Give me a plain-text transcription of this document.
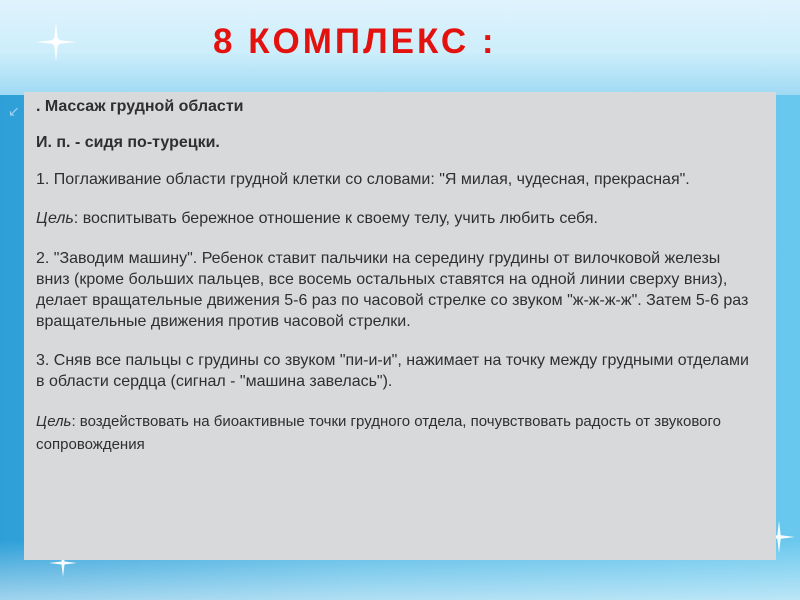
8 КОМПЛЕКС :
↙ . Массаж грудной области

И. п. - сидя по-турецки.

1. Поглаживание области грудной клетки со словами: "Я милая, чудесная, прекрасная".

Цель: воспитывать бережное отношение к своему телу, учить любить себя.

2. "Заводим машину". Ребенок ставит пальчики на середину грудины от вилочковой железы вниз (кроме больших пальцев, все восемь остальных ставятся на одной линии сверху вниз), делает вращательные движения 5-6 раз по часовой стрелке со звуком "ж-ж-ж-ж". Затем 5-6 раз вращательные движения против часовой стрелки.

3. Сняв все пальцы с грудины со звуком "пи-и-и", нажимает на точку между грудными отделами в области сердца (сигнал - "машина завелась").

Цель: воздействовать на биоактивные точки грудного отдела, почувствовать радость от звукового сопровождения
